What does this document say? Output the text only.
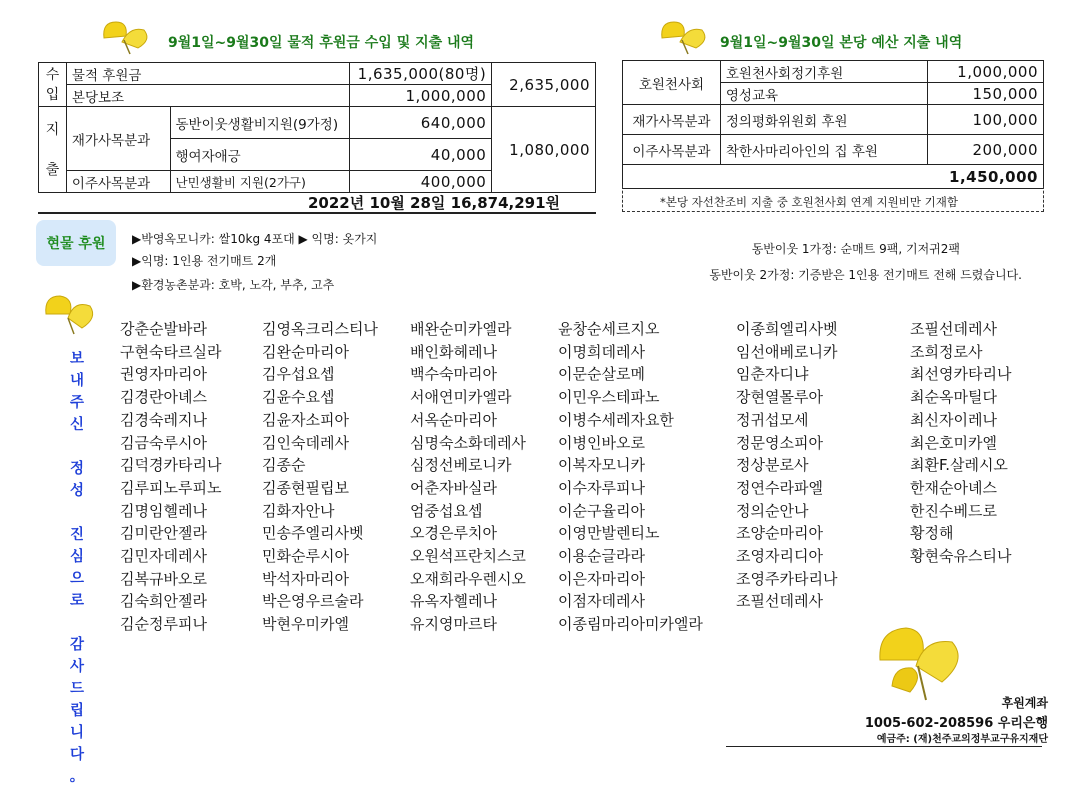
9월1일~9월30일 물적 후원금 수입 및 지출 내역	9월1일~9월30일 본당 예산 지출 내역
수
입	물적 후원금		1,635,000(80명)	2,635,000
	본당보조		1,000,000	
지

출	재가사목분과	동반이웃생활비지원(9가정)	640,000	1,080,000
		행여자애긍	40,000	
	이주사목분과	난민생활비 지원(2가구)	400,000	
2022년 10월 28일 16,874,291원
호원천사회	호원천사회정기후원	1,000,000
	영성교육	150,000
재가사목분과	정의평화위원회 후원	100,000
이주사목분과	착한사마리아인의 집 후원	200,000
1,450,000		
*본당 자선찬조비 지출 중 호원천사회 연계 지원비만 기재함
현물 후원	▶박영옥모니카: 쌀10kg 4포대 ▶ 익명: 옷가지
▶익명: 1인용 전기매트 2개
▶환경농촌분과: 호박, 노각, 부추, 고추
동반이웃 1가정: 순매트 9팩, 기저귀2팩
동반이웃 2가정: 기증받은 1인용 전기매트 전해 드렸습니다.
보
내
주
신
정
성
진
심
으
로
감
사
드
립
니
다
。
강춘순발바라	김영옥크리스티나 배완순미카엘라	윤창순세르지오	이종희엘리사벳	조필선데레사
구현숙타르실라	김완순마리아	배인화헤레나	이명희데레사	임선애베로니카	조희정로사
권영자마리아	김우섭요셉	백수숙마리아	이문순살로메	임춘자디냐	최선영카타리나
김경란아녜스	김윤수요셉	서애연미카엘라	이민우스테파노	장현열몰루아	최순옥마틸다
김경숙레지나	김윤자소피아	서옥순마리아	이병수세레자요한	정귀섭모세	최신자이레나
김금숙루시아	김인숙데레사	심명숙소화데레사 이병인바오로	정문영소피아	최은호미카엘
김덕경카타리나	김종순	심정선베로니카	이복자모니카	정상분로사	최환F.살레시오
김루피노루피노	김종현필립보	어춘자바실라	이수자루피나	정연수라파엘	한재순아녜스
김명임헬레나	김화자안나	엄중섭요셉	이순구율리아	정의순안나	한진수베드로
김미란안젤라	민송주엘리사벳	오경은루치아	이영만발렌티노	조양순마리아	황정해
김민자데레사	민화순루시아	오원석프란치스코 이용순글라라	조영자리디아	황현숙유스티나
김복규바오로	박석자마리아	오재희라우렌시오 이은자마리아	조영주카타리나
김숙희안젤라	박은영우르술라	유옥자헬레나	이점자데레사	조필선데레사
김순정루피나	박현우미카엘	유지영마르타	이종림마리아미카엘라
후원계좌
1005-602-208596 우리은행
예금주: (재)천주교의정부교구유지재단
